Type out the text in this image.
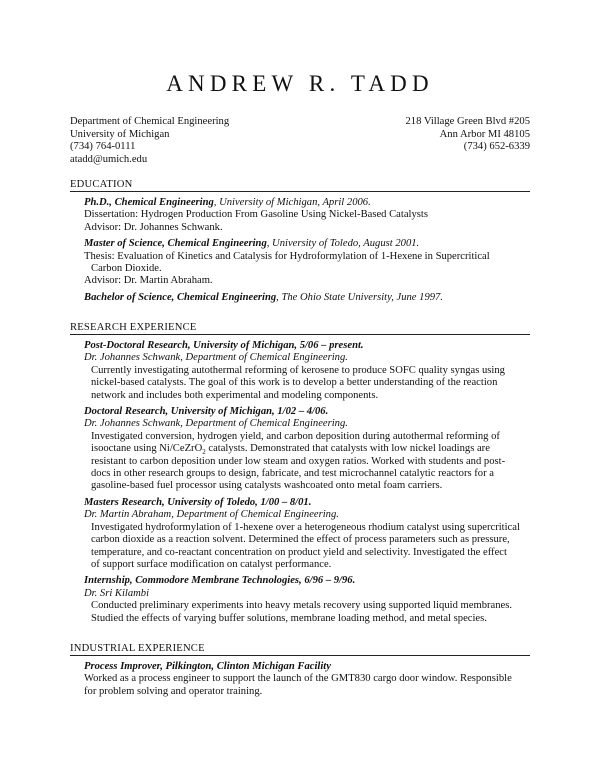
ANDREW R. TADD
Department of Chemical Engineering	218 Village Green Blvd #205
University of Michigan	Ann Arbor MI 48105
(734) 764-0111	(734) 652-6339
atadd@umich.edu
EDUCATION
Ph.D., Chemical Engineering, University of Michigan, April 2006.
Dissertation: Hydrogen Production From Gasoline Using Nickel-Based Catalysts
Advisor: Dr. Johannes Schwank.
Master of Science, Chemical Engineering, University of Toledo, August 2001.
Thesis: Evaluation of Kinetics and Catalysis for Hydroformylation of 1-Hexene in Supercritical
Carbon Dioxide.
Advisor: Dr. Martin Abraham.
Bachelor of Science, Chemical Engineering, The Ohio State University, June 1997.
RESEARCH EXPERIENCE
Post-Doctoral Research, University of Michigan, 5/06 – present.
Dr. Johannes Schwank, Department of Chemical Engineering.
Currently investigating autothermal reforming of kerosene to produce SOFC quality syngas using
nickel-based catalysts. The goal of this work is to develop a better understanding of the reaction
network and includes both experimental and modeling components.
Doctoral Research, University of Michigan, 1/02 – 4/06.
Dr. Johannes Schwank, Department of Chemical Engineering.
Investigated conversion, hydrogen yield, and carbon deposition during autothermal reforming of
isooctane using Ni/CeZrO$_2$ catalysts. Demonstrated that catalysts with low nickel loadings are
resistant to carbon deposition under low steam and oxygen ratios. Worked with students and post-
docs in other research groups to design, fabricate, and test microchannel catalytic reactors for a
gasoline-based fuel processor using catalysts washcoated onto metal foam carriers.
Masters Research, University of Toledo, 1/00 – 8/01.
Dr. Martin Abraham, Department of Chemical Engineering.
Investigated hydroformylation of 1-hexene over a heterogeneous rhodium catalyst using supercritical
carbon dioxide as a reaction solvent. Determined the effect of process parameters such as pressure,
temperature, and co-reactant concentration on product yield and selectivity. Investigated the effect
of support surface modification on catalyst performance.
Internship, Commodore Membrane Technologies, 6/96 – 9/96.
Dr. Sri Kilambi
Conducted preliminary experiments into heavy metals recovery using supported liquid membranes.
Studied the effects of varying buffer solutions, membrane loading method, and metal species.
INDUSTRIAL EXPERIENCE
Process Improver, Pilkington, Clinton Michigan Facility
Worked as a process engineer to support the launch of the GMT830 cargo door window. Responsible
for problem solving and operator training.
